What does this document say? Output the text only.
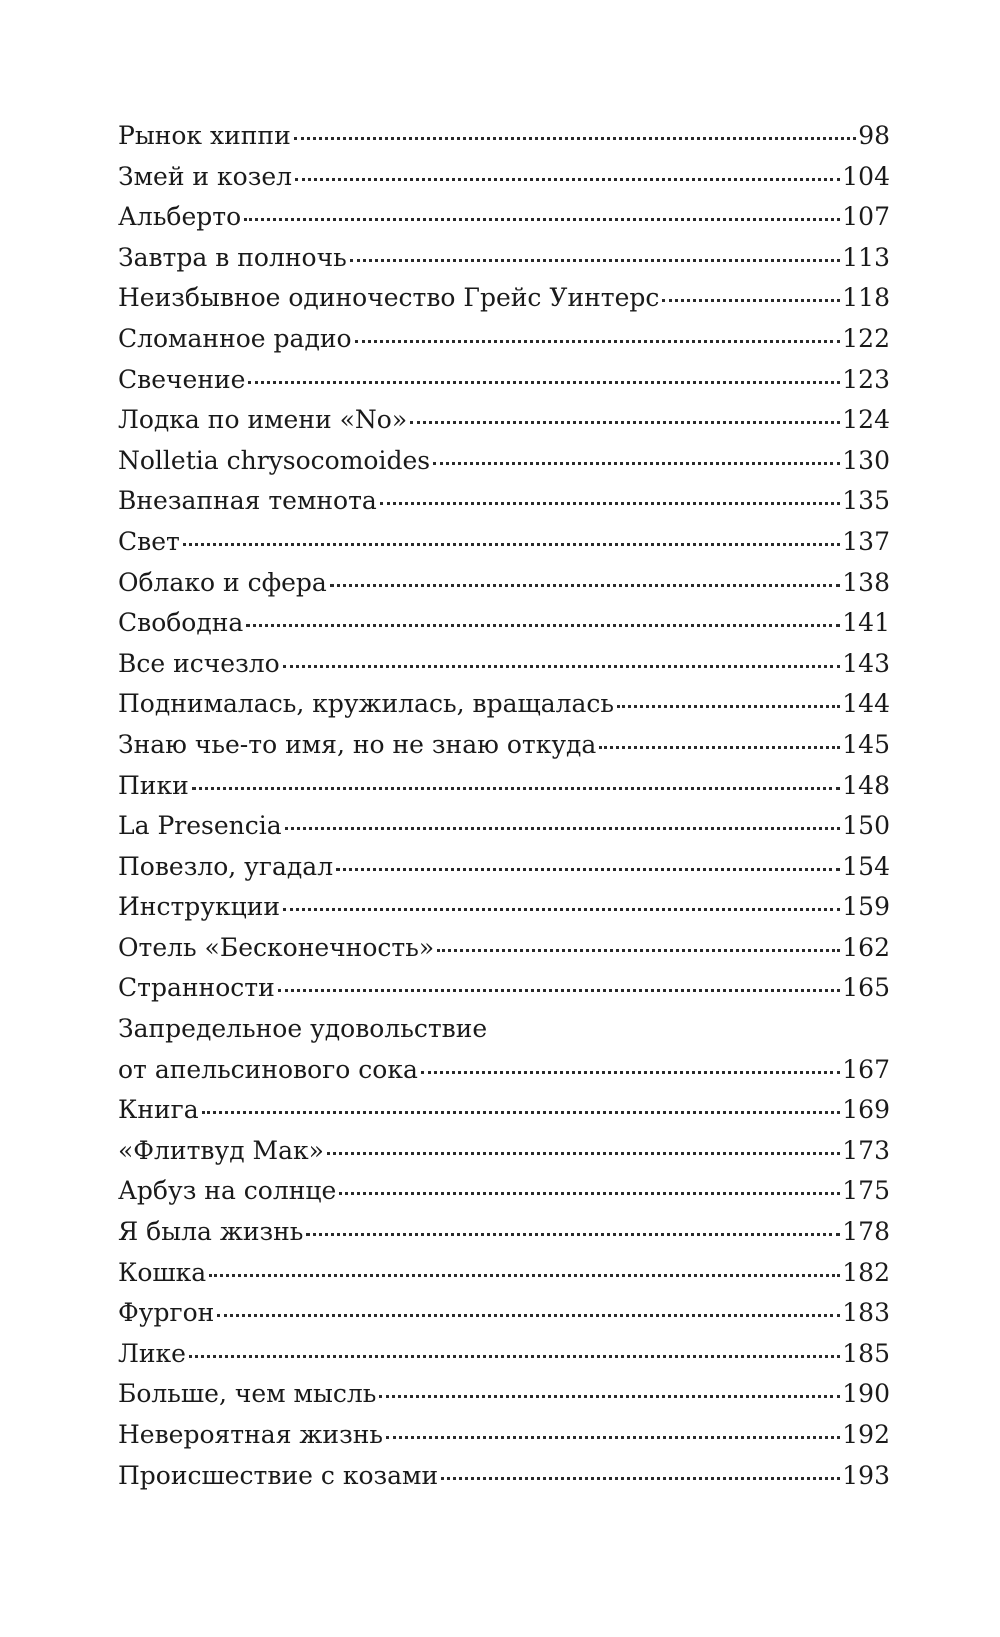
Рынок хиппи	98
Змей и козел	104
Альберто	107
Завтра в полночь	113
Неизбывное одиночество Грейс Уинтерс	118
Сломанное радио	122
Свечение	123
Лодка по имени «No»	124
Nolletia chrysocomoides	130
Внезапная темнота	135
Свет	137
Облако и сфера	138
Свободна	141
Все исчезло	143
Поднималась, кружилась, вращалась	144
Знаю чье-то имя, но не знаю откуда	145
Пики	148
La Presencia	150
Повезло, угадал	154
Инструкции	159
Отель «Бесконечность»	162
Странности	165
Запредельное удовольствие
от апельсинового сока	167
Книга	169
«Флитвуд Мак»	173
Арбуз на солнце	175
Я была жизнь	178
Кошка	182
Фургон	183
Лике	185
Больше, чем мысль	190
Невероятная жизнь	192
Происшествие с козами	193
